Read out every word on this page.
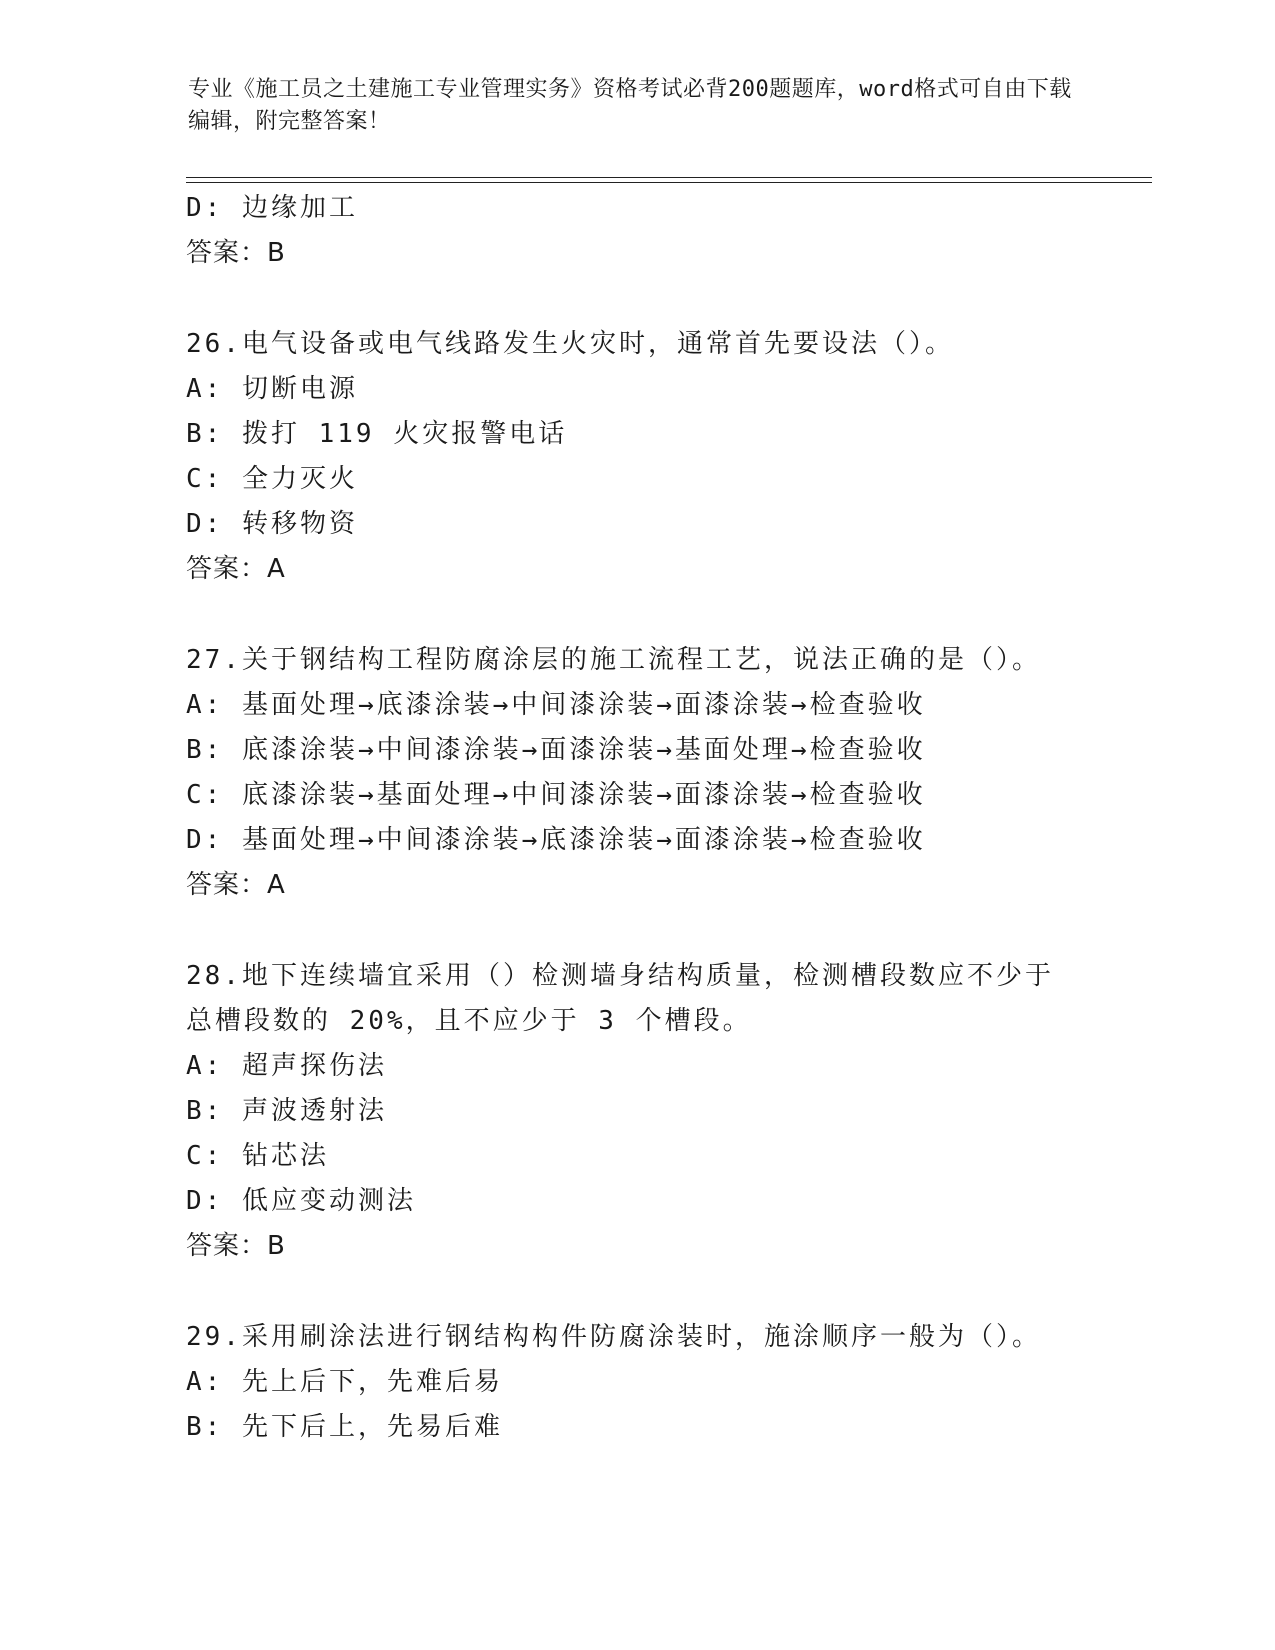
专业《施工员之土建施工专业管理实务》资格考试必背200题题库，word格式可自由下载编辑，附完整答案！
D: 边缘加工
答案：B
26.电气设备或电气线路发生火灾时，通常首先要设法（）。
A: 切断电源
B: 拨打 119 火灾报警电话
C: 全力灭火
D: 转移物资
答案：A
27.关于钢结构工程防腐涂层的施工流程工艺，说法正确的是（）。
A: 基面处理→底漆涂装→中间漆涂装→面漆涂装→检查验收
B: 底漆涂装→中间漆涂装→面漆涂装→基面处理→检查验收
C: 底漆涂装→基面处理→中间漆涂装→面漆涂装→检查验收
D: 基面处理→中间漆涂装→底漆涂装→面漆涂装→检查验收
答案：A
28.地下连续墙宜采用（）检测墙身结构质量，检测槽段数应不少于总槽段数的 20%，且不应少于 3 个槽段。
A: 超声探伤法
B: 声波透射法
C: 钻芯法
D: 低应变动测法
答案：B
29.采用刷涂法进行钢结构构件防腐涂装时，施涂顺序一般为（）。
A: 先上后下，先难后易
B: 先下后上，先易后难
